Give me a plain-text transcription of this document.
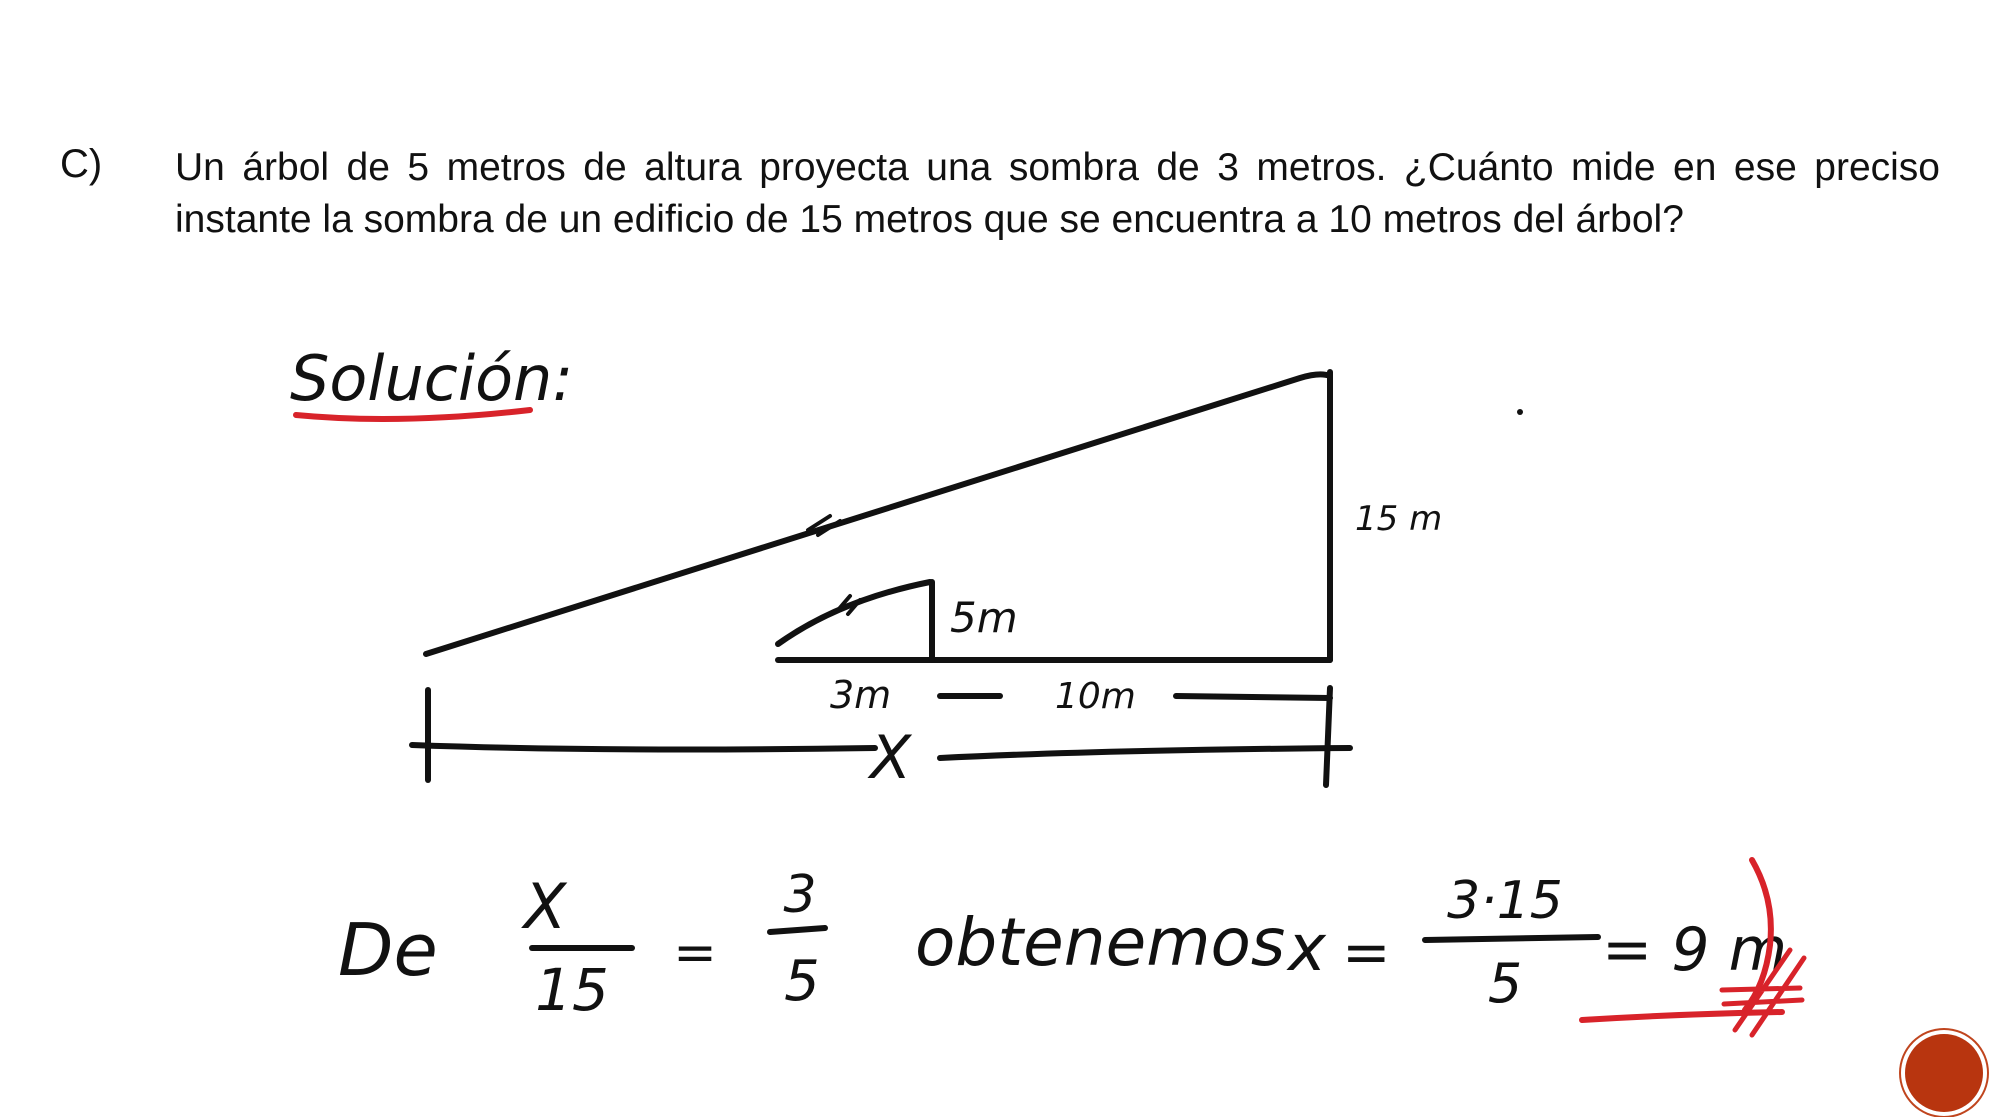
C) Un árbol de 5 metros de altura proyecta una sombra de 3 metros. ¿Cuánto mide en ese preciso instante la sombra de un edificio de 15 metros que se encuentra a 10 metros del árbol?
Solución:
15 m
5m
3m	10m
X
De
X
15
=
3
5
obtenemos x =
3·15
5 = 9 m
